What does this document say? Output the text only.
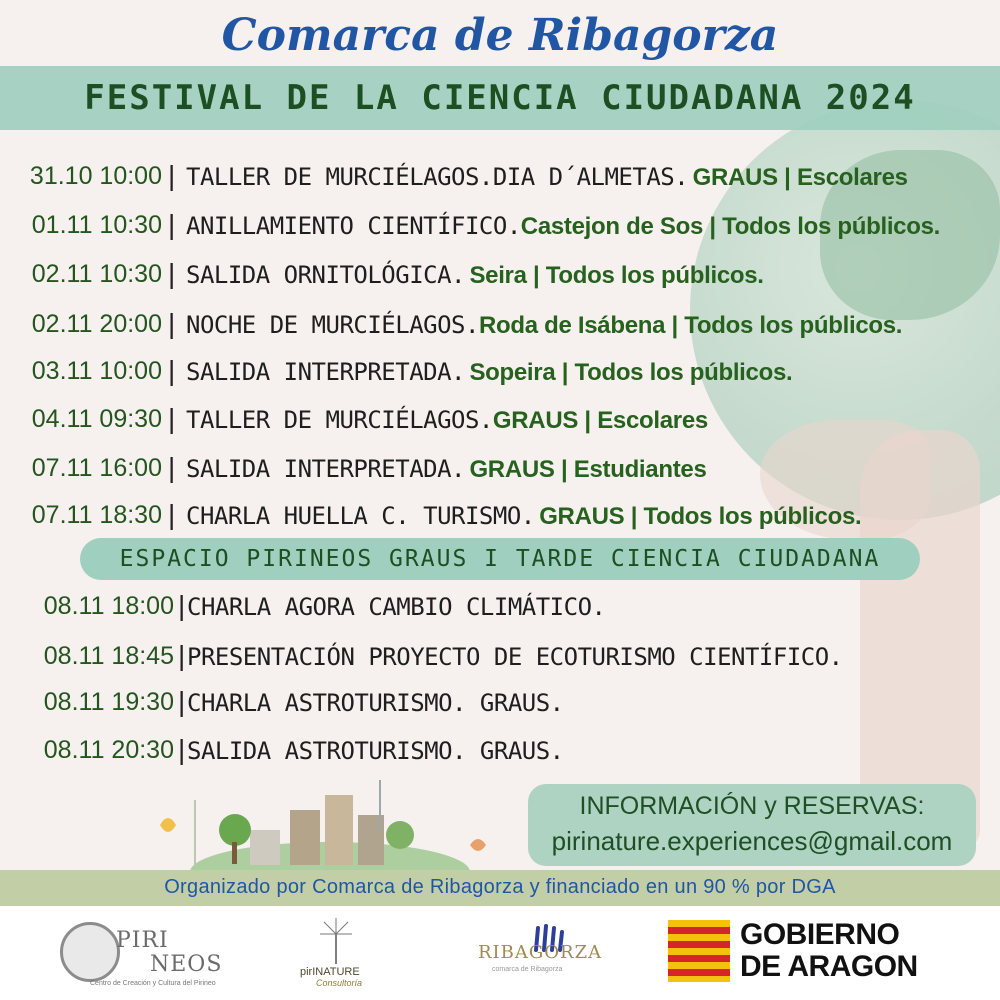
Comarca de Ribagorza
FESTIVAL DE LA CIENCIA CIUDADANA 2024
31.10 10:00 | TALLER DE MURCIÉLAGOS.DIA D´ALMETAS. GRAUS | Escolares
01.11 10:30 | ANILLAMIENTO CIENTÍFICO.Castejon de Sos | Todos los públicos.
02.11 10:30 | SALIDA ORNITOLÓGICA. Seira | Todos los públicos.
02.11 20:00 | NOCHE DE MURCIÉLAGOS.Roda de Isábena | Todos los públicos.
03.11 10:00 | SALIDA INTERPRETADA. Sopeira | Todos los públicos.
04.11 09:30 | TALLER DE MURCIÉLAGOS.GRAUS | Escolares
07.11 16:00 | SALIDA INTERPRETADA. GRAUS | Estudiantes
07.11 18:30 | CHARLA HUELLA C. TURISMO. GRAUS | Todos los públicos.
ESPACIO PIRINEOS GRAUS I TARDE CIENCIA CIUDADANA
08.11 18:00 | CHARLA AGORA CAMBIO CLIMÁTICO.
08.11 18:45 | PRESENTACIÓN PROYECTO DE ECOTURISMO CIENTÍFICO.
08.11 19:30 | CHARLA ASTROTURISMO. GRAUS.
08.11 20:30 | SALIDA ASTROTURISMO. GRAUS.
INFORMACIÓN y RESERVAS:
pirinature.experiences@gmail.com
Organizado por Comarca de Ribagorza y financiado en un 90 % por DGA
PIRI
NEOS
Centro de Creación y Cultura del Pirineo
pirINATURE
Consultoría
RIBAGORZA
comarca de Ribagorza
GOBIERNO
DE ARAGON
